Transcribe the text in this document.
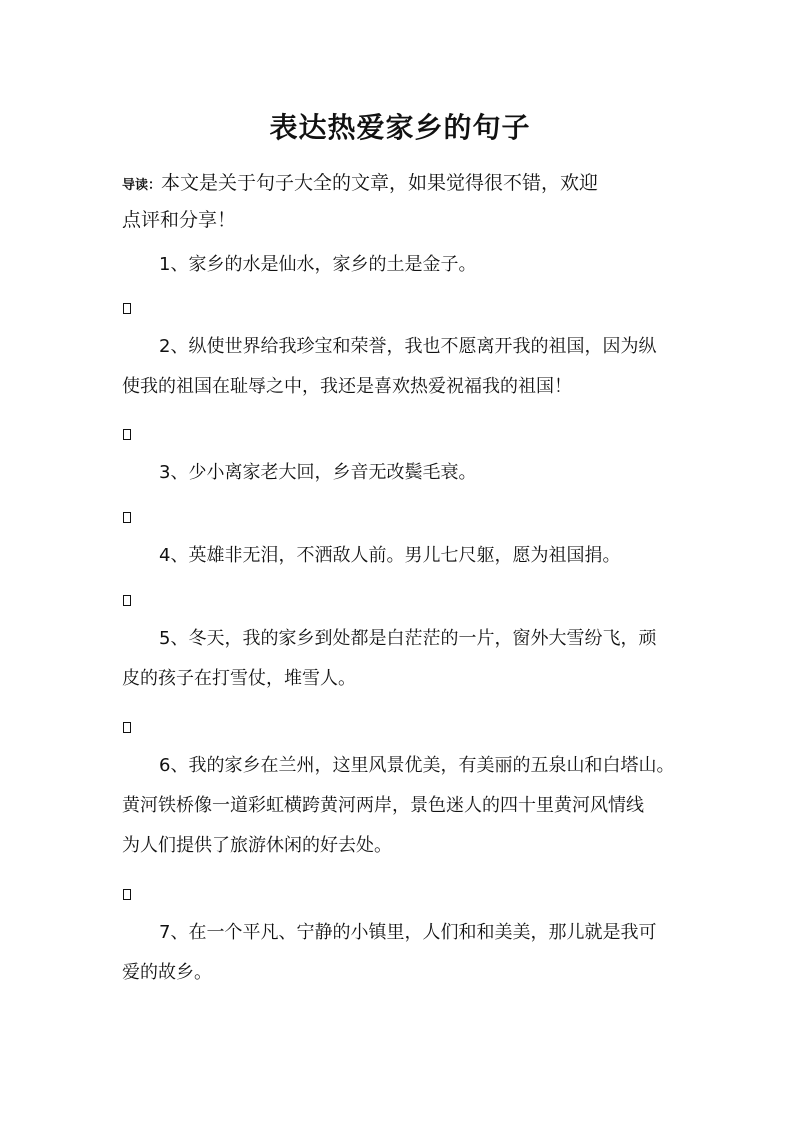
表达热爱家乡的句子
导读：本文是关于句子大全的文章，如果觉得很不错，欢迎
点评和分享！
1、家乡的水是仙水，家乡的土是金子。
2、纵使世界给我珍宝和荣誉，我也不愿离开我的祖国，因为纵
使我的祖国在耻辱之中，我还是喜欢热爱祝福我的祖国！
3、少小离家老大回，乡音无改鬓毛衰。
4、英雄非无泪，不洒敌人前。男儿七尺躯，愿为祖国捐。
5、冬天，我的家乡到处都是白茫茫的一片，窗外大雪纷飞，顽
皮的孩子在打雪仗，堆雪人。
6、我的家乡在兰州，这里风景优美，有美丽的五泉山和白塔山。
黄河铁桥像一道彩虹横跨黄河两岸，景色迷人的四十里黄河风情线
为人们提供了旅游休闲的好去处。
7、在一个平凡、宁静的小镇里，人们和和美美，那儿就是我可
爱的故乡。
